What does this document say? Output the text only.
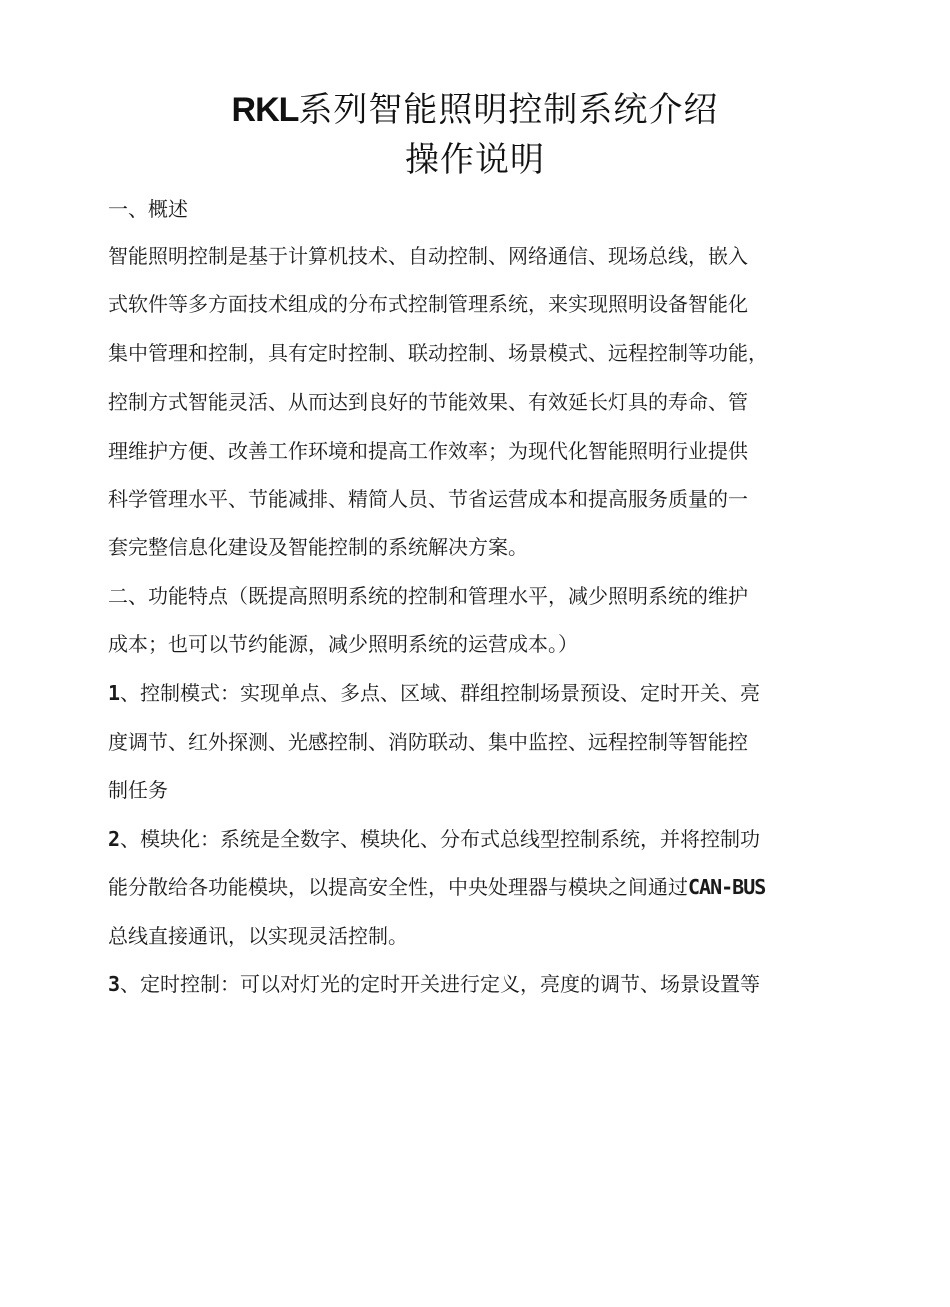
RKL系列智能照明控制系统介绍
操作说明
一、概述
智能照明控制是基于计算机技术、自动控制、网络通信、现场总线，嵌入
式软件等多方面技术组成的分布式控制管理系统，来实现照明设备智能化
集中管理和控制，具有定时控制、联动控制、场景模式、远程控制等功能，
控制方式智能灵活、从而达到良好的节能效果、有效延长灯具的寿命、管
理维护方便、改善工作环境和提高工作效率；为现代化智能照明行业提供
科学管理水平、节能减排、精简人员、节省运营成本和提高服务质量的一
套完整信息化建设及智能控制的系统解决方案。
二、功能特点（既提高照明系统的控制和管理水平，减少照明系统的维护
成本；也可以节约能源，减少照明系统的运营成本。）
1、控制模式：实现单点、多点、区域、群组控制场景预设、定时开关、亮
度调节、红外探测、光感控制、消防联动、集中监控、远程控制等智能控
制任务
2、模块化：系统是全数字、模块化、分布式总线型控制系统，并将控制功
能分散给各功能模块，以提高安全性，中央处理器与模块之间通过CAN-BUS
总线直接通讯，以实现灵活控制。
3、定时控制：可以对灯光的定时开关进行定义，亮度的调节、场景设置等
